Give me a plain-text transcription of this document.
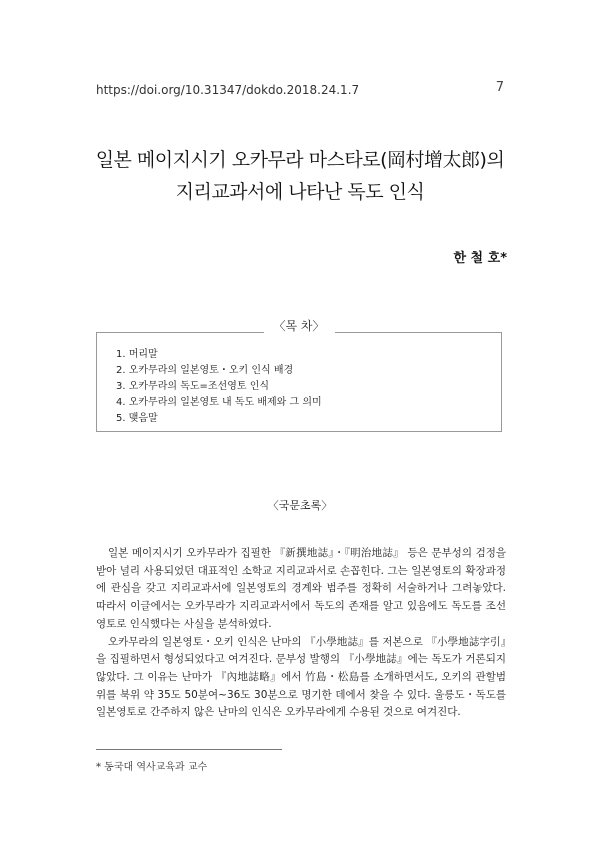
https://doi.org/10.31347/dokdo.2018.24.1.7	7
일본 메이지시기 오카무라 마스타로(岡村增太郎)의
지리교과서에 나타난 독도 인식
한 철 호*
〈목 차〉
1. 머리말
2. 오카무라의 일본영토・오키 인식 배경
3. 오카무라의 독도=조선영토 인식
4. 오카무라의 일본영토 내 독도 배제와 그 의미
5. 맺음말
〈국문초록〉

일본 메이지시기 오카무라가 집필한 『新撰地誌』・『明治地誌』 등은 문부성의 검정을 받아 널리 사용되었던 대표적인 소학교 지리교과서로 손꼽힌다. 그는 일본영토의 확장과정에 관심을 갖고 지리교과서에 일본영토의 경계와 범주를 정확히 서술하거나 그려놓았다. 따라서 이글에서는 오카무라가 지리교과서에서 독도의 존재를 알고 있음에도 독도를 조선영토로 인식했다는 사실을 분석하였다.

오카무라의 일본영토・오키 인식은 난마의 『小學地誌』를 저본으로 『小學地誌字引』을 집필하면서 형성되었다고 여겨진다. 문부성 발행의 『小學地誌』에는 독도가 거론되지 않았다. 그 이유는 난마가 『內地誌略』에서 竹島・松島를 소개하면서도, 오키의 관할범위를 북위 약 35도 50분여~36도 30분으로 명기한 데에서 찾을 수 있다. 울릉도・독도를 일본영토로 간주하지 않은 난마의 인식은 오카무라에게 수용된 것으로 여겨진다.

* 동국대 역사교육과 교수
